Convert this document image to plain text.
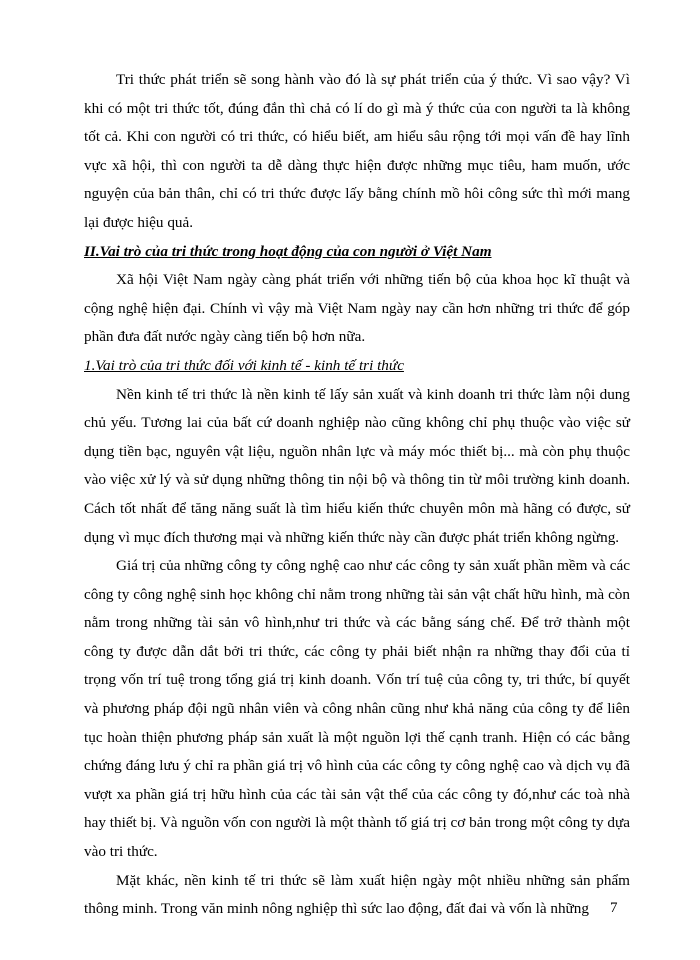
Tri thức phát triển sẽ song hành vào đó là sự phát triển của ý thức. Vì sao vậy? Vì khi có một tri thức tốt, đúng đắn thì chả có lí do gì mà ý thức của con người ta là không tốt cả. Khi con người có tri thức, có hiểu biết, am hiểu sâu rộng tới mọi vấn đề hay lĩnh vực xã hội, thì con người ta dễ dàng thực hiện được những mục tiêu, ham muốn, ước nguyện của bản thân, chỉ có tri thức được lấy bằng chính mồ hôi công sức thì mới mang lại được hiệu quả.

II.Vai trò của tri thức trong hoạt động của con người ở Việt Nam

Xã hội Việt Nam ngày càng phát triển với những tiến bộ của khoa học kĩ thuật và cộng nghệ hiện đại. Chính vì vậy mà Việt Nam ngày nay cần hơn những tri thức để góp phần đưa đất nước ngày càng tiến bộ hơn nữa.

1.Vai trò của tri thức đối với kinh tế - kinh tế tri thức

Nền kinh tế tri thức là nền kinh tế lấy sản xuất và kinh doanh tri thức làm nội dung chủ yếu. Tương lai của bất cứ doanh nghiệp nào cũng không chỉ phụ thuộc vào việc sử dụng tiền bạc, nguyên vật liệu, nguồn nhân lực và máy móc thiết bị... mà còn phụ thuộc vào việc xử lý và sử dụng những thông tin nội bộ và thông tin từ môi trường kinh doanh. Cách tốt nhất để tăng năng suất là tìm hiểu kiến thức chuyên môn mà hãng có được, sử dụng vì mục đích thương mại và những kiến thức này cần được phát triển không ngừng.

Giá trị của những công ty công nghệ cao như các công ty sản xuất phần mềm và các công ty công nghệ sinh học không chỉ nằm trong những tài sản vật chất hữu hình, mà còn nằm trong những tài sản vô hình,như tri thức và các bằng sáng chế. Để trở thành một công ty được dẫn dắt bởi tri thức, các công ty phải biết nhận ra những thay đổi của tỉ trọng vốn trí tuệ trong tổng giá trị kinh doanh. Vốn trí tuệ của công ty, tri thức, bí quyết và phương pháp đội ngũ nhân viên và công nhân cũng như khả năng của công ty để liên tục hoàn thiện phương pháp sản xuất là một nguồn lợi thế cạnh tranh. Hiện có các bằng chứng đáng lưu ý chỉ ra phần giá trị vô hình của các công ty công nghệ cao và dịch vụ đã vượt xa phần giá trị hữu hình của các tài sản vật thể của các công ty đó,như các toà nhà hay thiết bị. Và nguồn vốn con người là một thành tố giá trị cơ bản trong một công ty dựa vào tri thức.

Mặt khác, nền kinh tế tri thức sẽ làm xuất hiện ngày một nhiều những sản phẩm thông minh. Trong văn minh nông nghiệp thì sức lao động, đất đai và vốn là những	7
